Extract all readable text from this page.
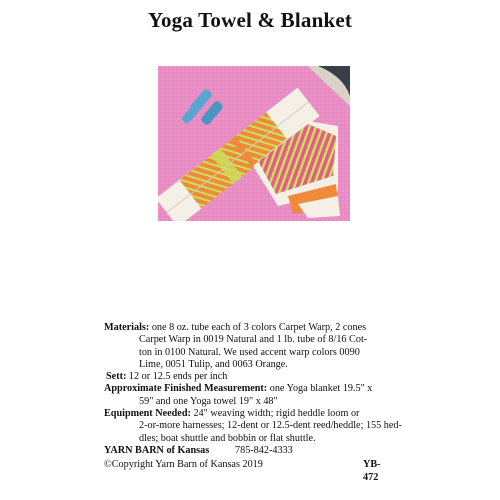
Yoga Towel & Blanket
Materials: one 8 oz. tube each of 3 colors Carpet Warp, 2 cones
Carpet Warp in 0019 Natural and 1 lb. tube of 8/16 Cot-
ton in 0100 Natural. We used accent warp colors 0090
Lime, 0051 Tulip, and 0063 Orange.
Sett: 12 or 12.5 ends per inch
Approximate Finished Measurement: one Yoga blanket 19.5" x
59" and one Yoga towel 19" x 48"
Equipment Needed: 24" weaving width; rigid heddle loom or
2-or-more harnesses; 12-dent or 12.5-dent reed/heddle; 155 hed-
dles; boat shuttle and bobbin or flat shuttle.
YARN BARN of Kansas	785-842-4333
©Copyright Yarn Barn of Kansas 2019	YB-472
